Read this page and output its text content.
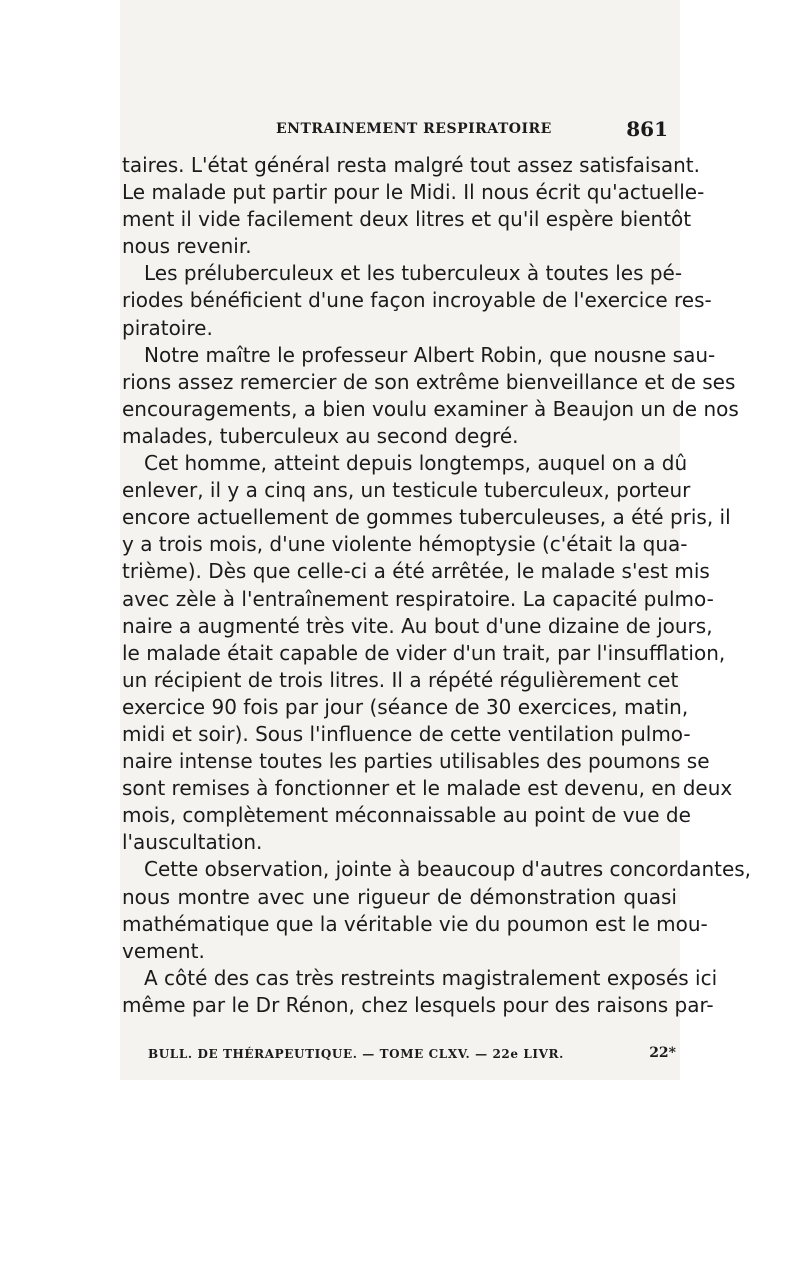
ENTRAINEMENT RESPIRATOIRE	861
taires. L'état général resta malgré tout assez satisfaisant.
Le malade put partir pour le Midi. Il nous écrit qu'actuelle-
ment il vide facilement deux litres et qu'il espère bientôt
nous revenir.
Les préluberculeux et les tuberculeux à toutes les pé-
riodes bénéficient d'une façon incroyable de l'exercice res-
piratoire.
Notre maître le professeur Albert Robin, que nousne sau-
rions assez remercier de son extrême bienveillance et de ses
encouragements, a bien voulu examiner à Beaujon un de nos
malades, tuberculeux au second degré.
Cet homme, atteint depuis longtemps, auquel on a dû
enlever, il y a cinq ans, un testicule tuberculeux, porteur
encore actuellement de gommes tuberculeuses, a été pris, il
y a trois mois, d'une violente hémoptysie (c'était la qua-
trième). Dès que celle-ci a été arrêtée, le malade s'est mis
avec zèle à l'entraînement respiratoire. La capacité pulmo-
naire a augmenté très vite. Au bout d'une dizaine de jours,
le malade était capable de vider d'un trait, par l'insufflation,
un récipient de trois litres. Il a répété régulièrement cet
exercice 90 fois par jour (séance de 30 exercices, matin,
midi et soir). Sous l'influence de cette ventilation pulmo-
naire intense toutes les parties utilisables des poumons se
sont remises à fonctionner et le malade est devenu, en deux
mois, complètement méconnaissable au point de vue de
l'auscultation.
Cette observation, jointe à beaucoup d'autres concordantes,
nous montre avec une rigueur de démonstration quasi
mathématique que la véritable vie du poumon est le mou-
vement.
A côté des cas très restreints magistralement exposés ici
même par le Dr Rénon, chez lesquels pour des raisons par-
BULL. DE THÉRAPEUTIQUE. — TOME CLXV. — 22e LIVR.	22*
